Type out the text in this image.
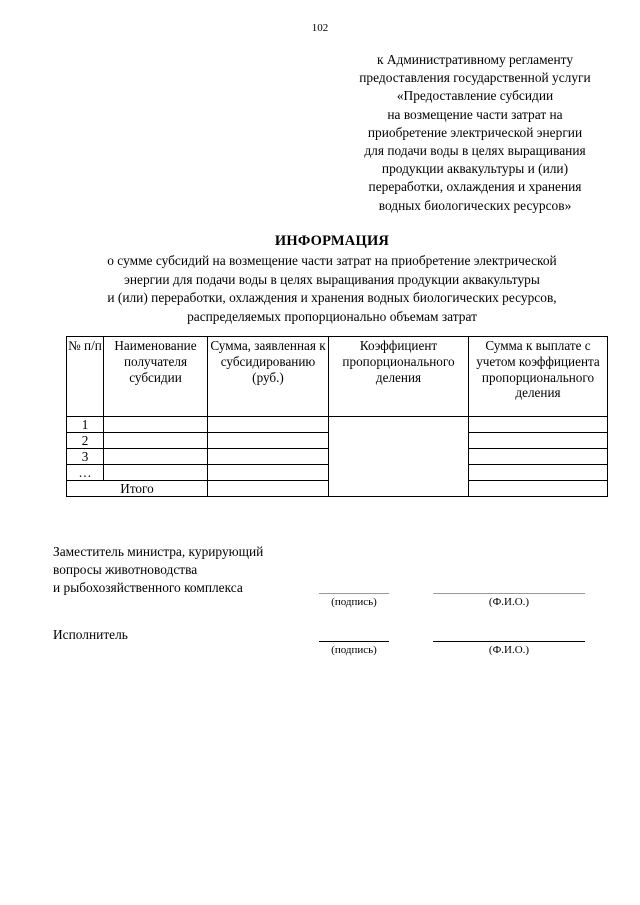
102
к Административному регламенту
предоставления государственной услуги
«Предоставление субсидии
на возмещение части затрат на
приобретение электрической энергии
для подачи воды в целях выращивания
продукции аквакультуры и (или)
переработки, охлаждения и хранения
водных биологических ресурсов»
ИНФОРМАЦИЯ
о сумме субсидий на возмещение части затрат на приобретение электрической
энергии для подачи воды в целях выращивания продукции аквакультуры
и (или) переработки, охлаждения и хранения водных биологических ресурсов,
распределяемых пропорционально объемам затрат
№ п/п	Наименование получателя субсидии	Сумма, заявленная к субсидированию (руб.)	Коэффициент пропорционального деления	Сумма к выплате с учетом коэффициента пропорционального деления
1				
2				
3				
…				
Итого				
Заместитель министра, курирующий
вопросы животноводства
и рыбохозяйственного комплекса
(подпись)	(Ф.И.О.)
Исполнитель
(подпись)	(Ф.И.О.)
